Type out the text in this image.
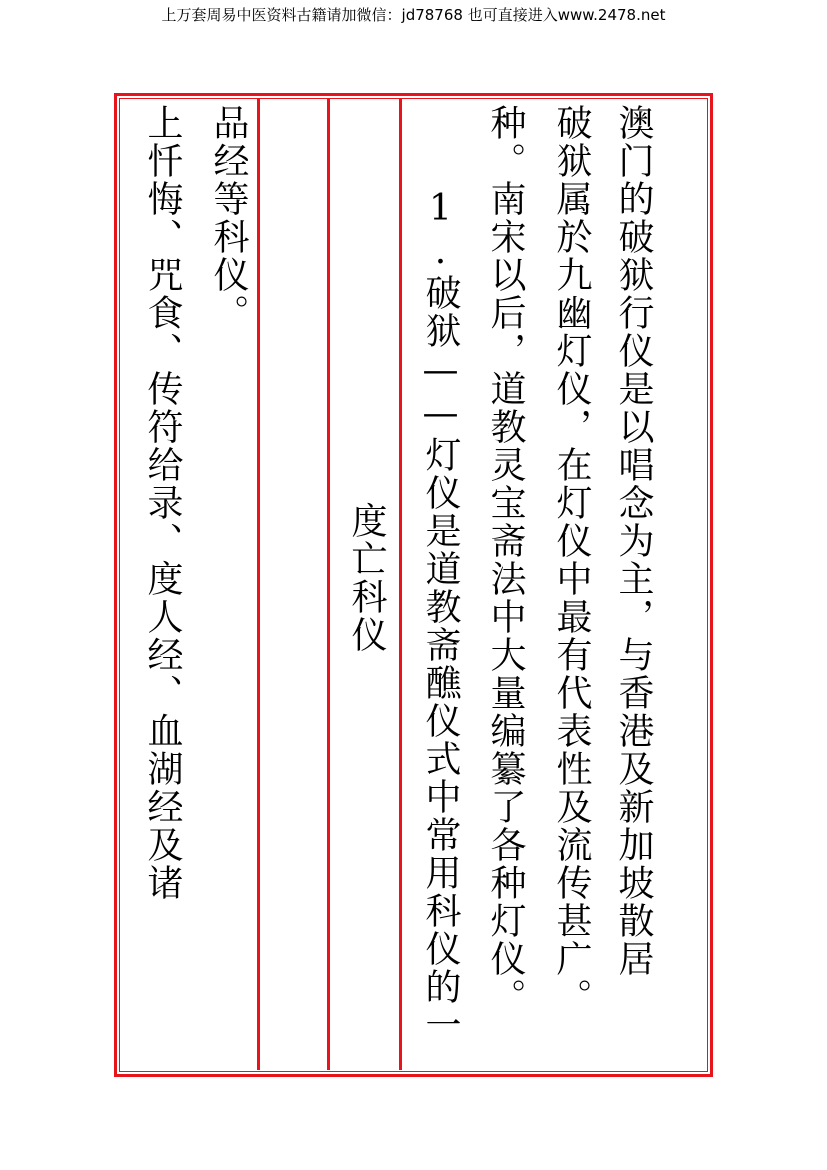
上万套周易中医资料古籍请加微信：jd78768 也可直接进入www.2478.net
澳门的破狱行仪是以唱念为主，与香港及新加坡散居
破狱属於九幽灯仪，在灯仪中最有代表性及流传甚广。
种。南宋以后，道教灵宝斋法中大量编纂了各种灯仪。
1.破狱——灯仪是道教斋醮仪式中常用科仪的一
度亡科仪
品经等科仪。
上忏悔、咒食、传符给录、度人经、血湖经及诸
